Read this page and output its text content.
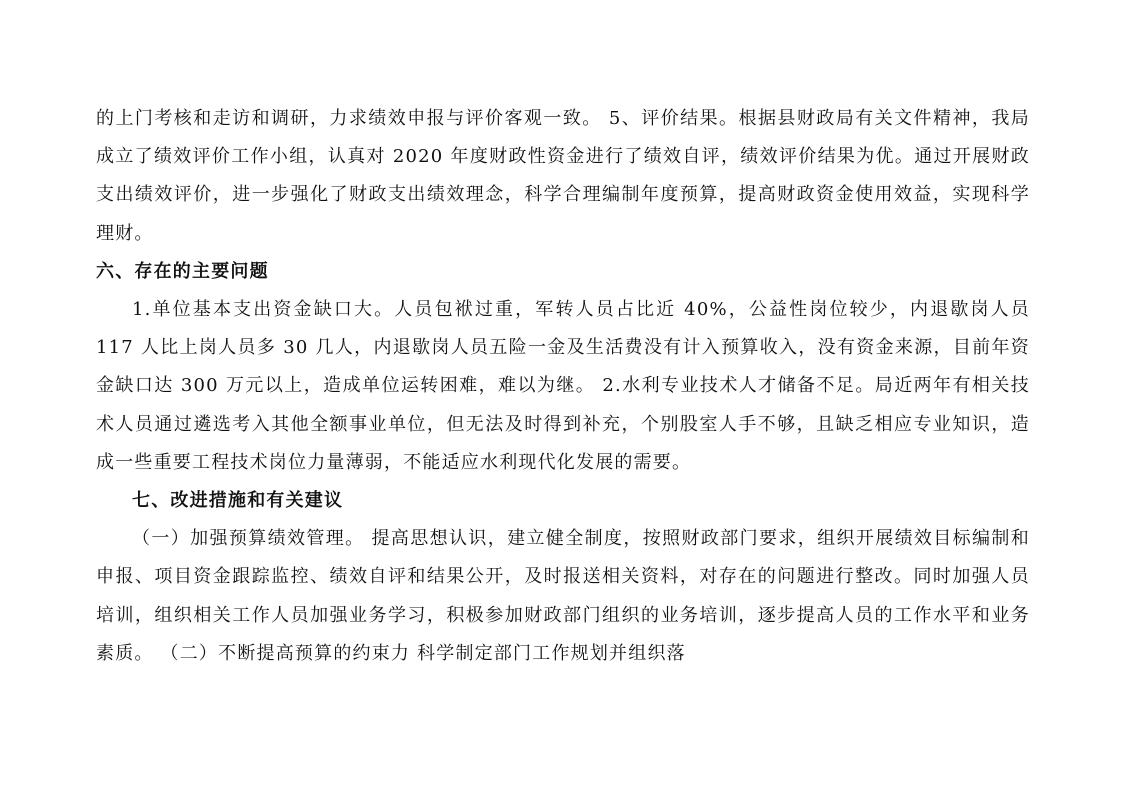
的上门考核和走访和调研，力求绩效申报与评价客观一致。 5、评价结果。根据县财政局有关文件精神，我局成立了绩效评价工作小组，认真对 2020 年度财政性资金进行了绩效自评，绩效评价结果为优。通过开展财政支出绩效评价，进一步强化了财政支出绩效理念，科学合理编制年度预算，提高财政资金使用效益，实现科学理财。

六、存在的主要问题

1.单位基本支出资金缺口大。人员包袱过重，军转人员占比近 40%，公益性岗位较少，内退歇岗人员 117 人比上岗人员多 30 几人，内退歇岗人员五险一金及生活费没有计入预算收入，没有资金来源，目前年资金缺口达 300 万元以上，造成单位运转困难，难以为继。 2.水利专业技术人才储备不足。局近两年有相关技术人员通过遴选考入其他全额事业单位，但无法及时得到补充，个别股室人手不够，且缺乏相应专业知识，造成一些重要工程技术岗位力量薄弱，不能适应水利现代化发展的需要。

七、改进措施和有关建议

（一）加强预算绩效管理。 提高思想认识，建立健全制度，按照财政部门要求，组织开展绩效目标编制和申报、项目资金跟踪监控、绩效自评和结果公开，及时报送相关资料，对存在的问题进行整改。同时加强人员培训，组织相关工作人员加强业务学习，积极参加财政部门组织的业务培训，逐步提高人员的工作水平和业务素质。 （二）不断提高预算的约束力 科学制定部门工作规划并组织落
